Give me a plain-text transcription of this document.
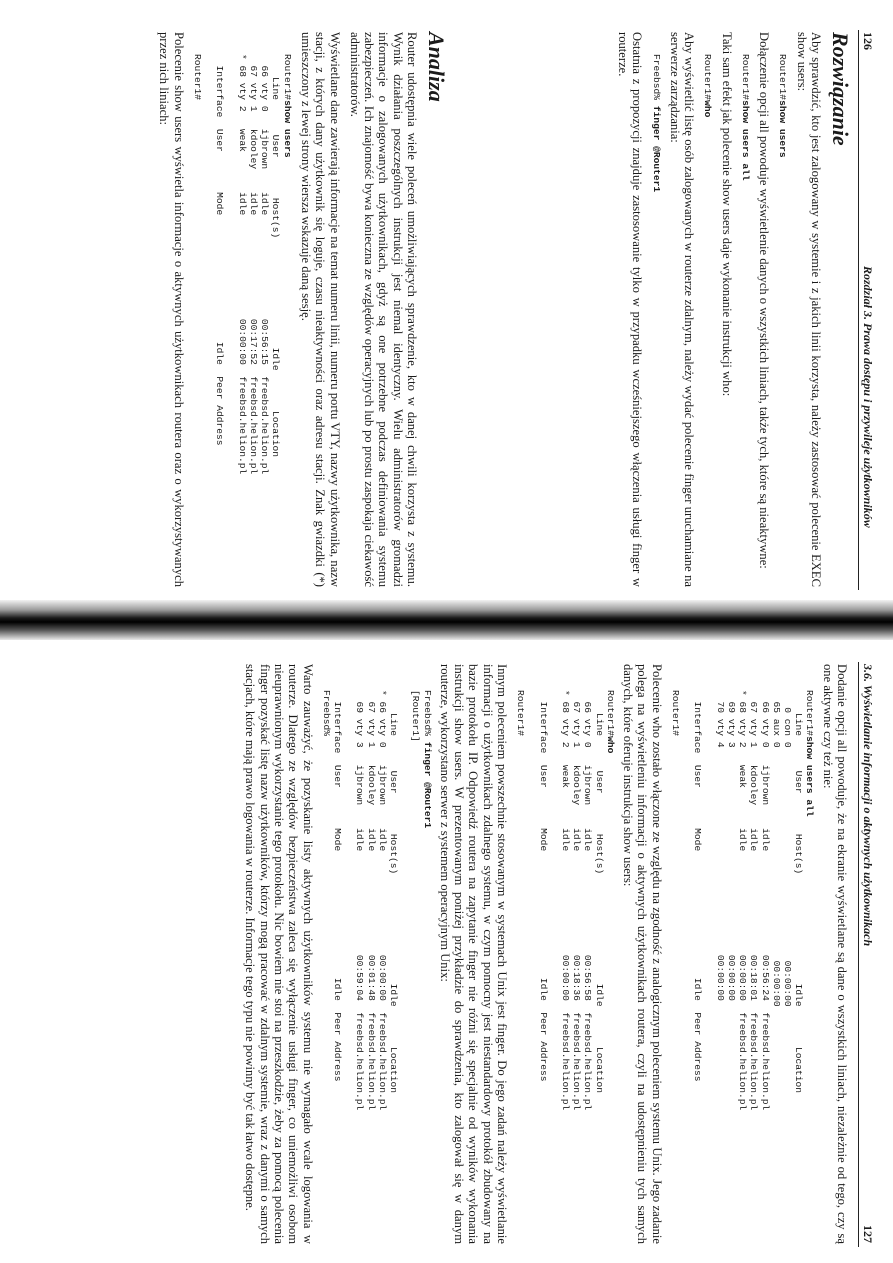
126
Rozdział 3. Prawa dostępu i przywileje użytkowników

Rozwiązanie

Aby sprawdzić, kto jest zalogowany w systemie i z jakich linii korzysta, należy zastosować polecenie EXEC show users:

Router1#show users

Dołączenie opcji all powoduje wyświetlenie danych o wszystkich liniach, także tych, które są nieaktywne:

Router1#show users all

Taki sam efekt jak polecenie show users daje wykonanie instrukcji who:

Router1#who

Aby wyświetlić listę osób zalogowanych w routerze zdalnym, należy wydać polecenie finger uruchamiane na serwerze zarządzania:

Freebsd% finger @Router1

Ostatnia z propozycji znajduje zastosowanie tylko w przypadku wcześniejszego włączenia usługi finger w routerze.

Analiza

Router udostępnia wiele poleceń umożliwiających sprawdzenie, kto w danej chwili korzysta z systemu. Wynik działania poszczególnych instrukcji jest niemal identyczny. Wielu administratorów gromadzi informacje o zalogowanych użytkownikach, gdyż są one potrzebne podczas definiowania systemu zabezpieczeń. Ich znajomość bywa konieczna ze względów operacyjnych lub po prostu zaspokaja ciekawość administratorów.

Wyświetlane dane zawierają informacje na temat numeru linii, numeru portu VTY, nazwy użytkownika, nazw stacji, z których dany użytkownik się loguje, czasu nieaktywności oraz adresu stacji. Znak gwiazdki (*) umieszczony z lewej strony wiersza wskazuje daną sesję.

Router1#show users

Line      User       Host(s)                   Idle       Location
66 vty 0   ijbrown    idle                  00:56:15  freebsd.helion.pl
67 vty 1   kdooley    idle                  00:17:52  freebsd.helion.pl
* 68 vty 2   weak       idle                  00:00:00  freebsd.helion.pl

Interface  User       Mode                      Idle  Peer Address

Router1#

Polecenie show users wyświetla informacje o aktywnych użytkownikach routera oraz o wykorzystywanych przez nich liniach:

3.6. Wyświetlanie informacji o aktywnych użytkownikach
127

Dodanie opcji all powoduje, że na ekranie wyświetlane są dane o wszystkich liniach, niezależnie od tego, czy są one aktywne czy też nie:

Router1#show users all

Line      User       Host(s)                   Idle       Location
0 con 0                                     00:00:00
65 aux 0                                     00:00:00
66 vty 0   ijbrown    idle                  00:56:24  freebsd.helion.pl
67 vty 1   kdooley    idle                  00:18:01  freebsd.helion.pl
* 68 vty 2   weak       idle                  00:00:00  freebsd.helion.pl
69 vty 3                                    00:00:00
70 vty 4                                    00:00:00

Interface  User       Mode                      Idle  Peer Address

Router1#

Polecenie who zostało włączone ze względu na zgodność z analogicznym poleceniem systemu Unix. Jego zadanie polega na wyświetleniu informacji o aktywnych użytkownikach routera, czyli na udostępnieniu tych samych danych, które oferuje instrukcja show users:

Router1#who

Line      User       Host(s)                   Idle       Location
66 vty 0   ijbrown    idle                  00:56:58  freebsd.helion.pl
67 vty 1   kdooley    idle                  00:18:36  freebsd.helion.pl
* 68 vty 2   weak       idle                  00:00:00  freebsd.helion.pl

Interface  User       Mode                      Idle  Peer Address

Router1#

Innym poleceniem powszechnie stosowanym w systemach Unix jest finger. Do jego zadań należy wyświetlanie informacji o użytkownikach zdalnego systemu, w czym pomocny jest niestandardowy protokół zbudowany na bazie protokołu IP. Odpowiedź routera na zapytanie finger nie różni się specjalnie od wyników wykonania instrukcji show users. W prezentowanym poniżej przykładzie do sprawdzenia, kto zalogował się w danym routerze, wykorzystano serwer z systemem operacyjnym Unix:

Freebsd% finger @Router1

[Router1]

Line      User       Host(s)                   Idle       Location
* 66 vty 0   ijbrown    idle                  00:00:00  freebsd.helion.pl
67 vty 1   kdooley    idle                  00:01:48  freebsd.helion.pl
69 vty 3   ijbrown    idle                  00:59:04  freebsd.helion.pl

Interface  User       Mode                      Idle  Peer Address
Freebsd%

Warto zauważyć, że pozyskanie listy aktywnych użytkowników systemu nie wymagało wcale logowania w routerze. Dlatego ze względów bezpieczeństwa zaleca się wyłączenie usługi finger, co uniemożliwi osobom nieuprawnionym wykorzystanie tego protokołu. Nic bowiem nie stoi na przeszkodzie, żeby za pomocą polecenia finger pozyskać listę nazw użytkowników, którzy mogą pracować w zdalnym systemie, wraz z danymi o samych stacjach, które mają prawo logowania w routerze. Informacje tego typu nie powinny być tak łatwo dostępne.
